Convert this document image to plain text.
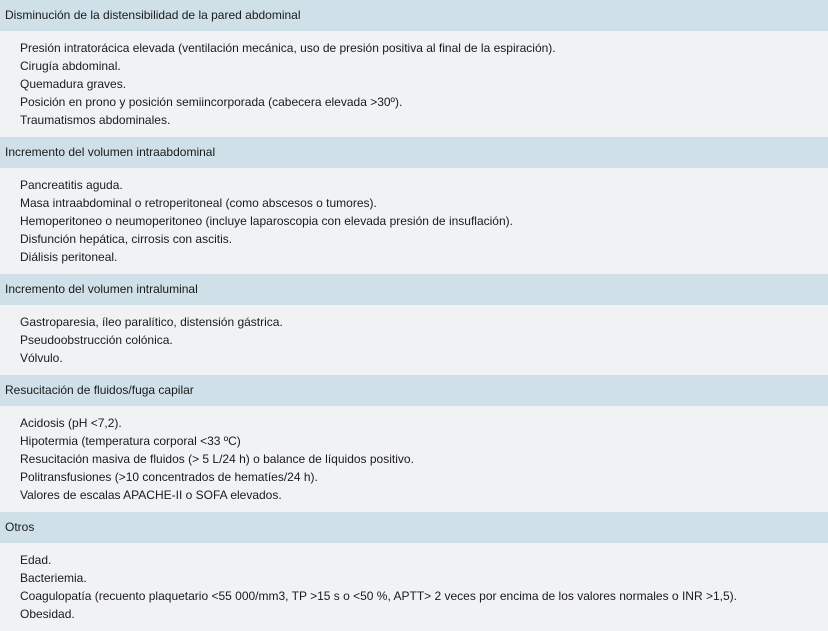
Disminución de la distensibilidad de la pared abdominal
Presión intratorácica elevada (ventilación mecánica, uso de presión positiva al final de la espiración).
Cirugía abdominal.
Quemadura graves.
Posición en prono y posición semiincorporada (cabecera elevada >30º).
Traumatismos abdominales.
Incremento del volumen intraabdominal
Pancreatitis aguda.
Masa intraabdominal o retroperitoneal (como abscesos o tumores).
Hemoperitoneo o neumoperitoneo (incluye laparoscopia con elevada presión de insuflación).
Disfunción hepática, cirrosis con ascitis.
Diálisis peritoneal.
Incremento del volumen intraluminal
Gastroparesia, íleo paralítico, distensión gástrica.
Pseudoobstrucción colónica.
Vólvulo.
Resucitación de fluidos/fuga capilar
Acidosis (pH <7,2).
Hipotermia (temperatura corporal <33 ºC)
Resucitación masiva de fluidos (> 5 L/24 h) o balance de líquidos positivo.
Politransfusiones (>10 concentrados de hematíes/24 h).
Valores de escalas APACHE-II o SOFA elevados.
Otros
Edad.
Bacteriemia.
Coagulopatía (recuento plaquetario <55 000/mm3, TP >15 s o <50 %, APTT> 2 veces por encima de los valores normales o INR >1,5).
Obesidad.
